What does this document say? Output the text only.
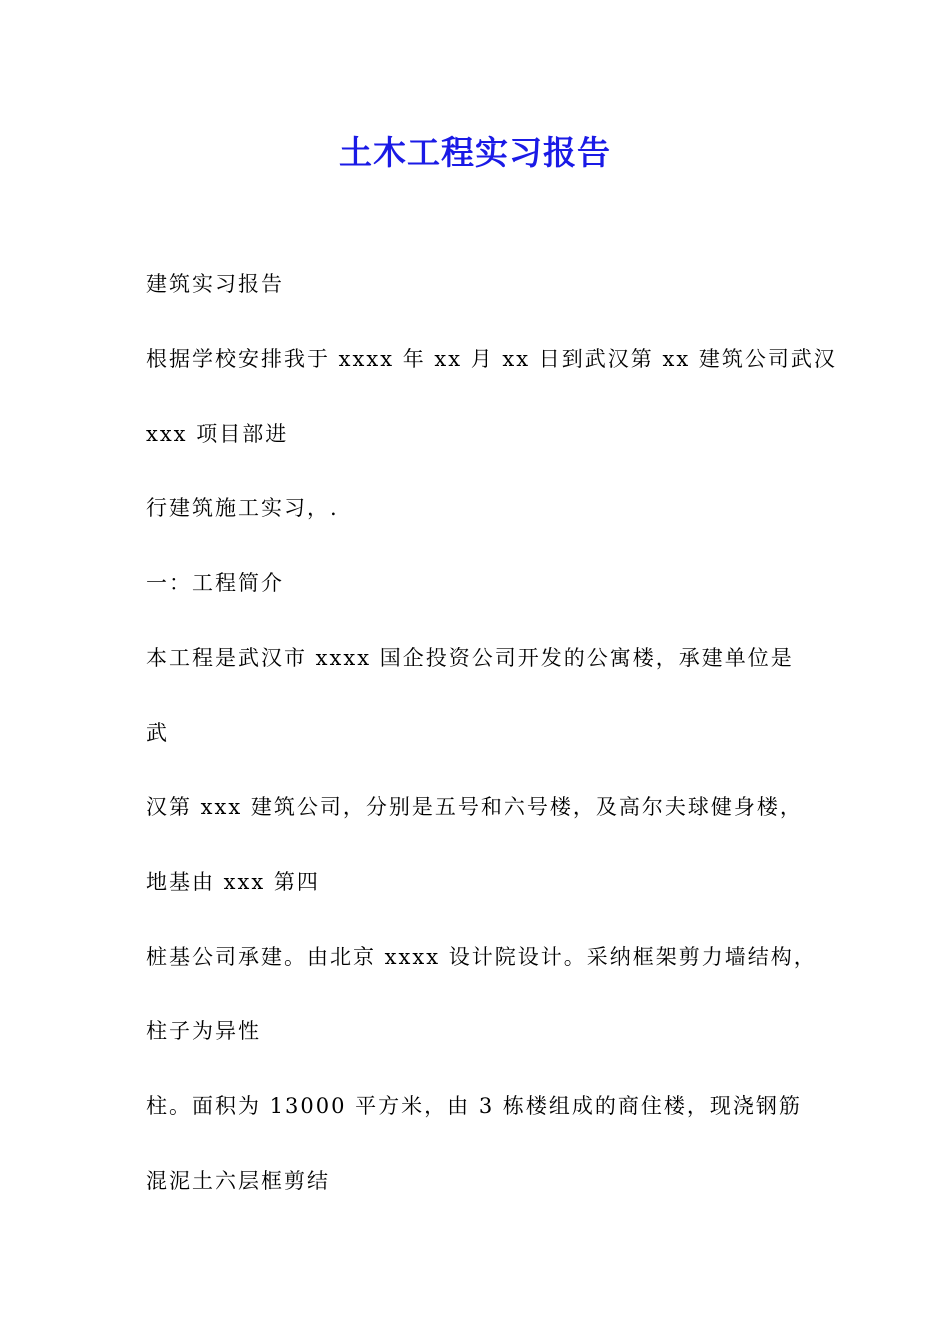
土木工程实习报告

建筑实习报告

根据学校安排我于 xxxx 年 xx 月 xx 日到武汉第 xx 建筑公司武汉

xxx 项目部进

行建筑施工实习，.

一：工程简介

本工程是武汉市 xxxx 国企投资公司开发的公寓楼，承建单位是

武

汉第 xxx 建筑公司，分别是五号和六号楼，及高尔夫球健身楼，

地基由 xxx 第四

桩基公司承建。由北京 xxxx 设计院设计。采纳框架剪力墙结构，

柱子为异性

柱。面积为 13000 平方米，由 3 栋楼组成的商住楼，现浇钢筋

混泥土六层框剪结
